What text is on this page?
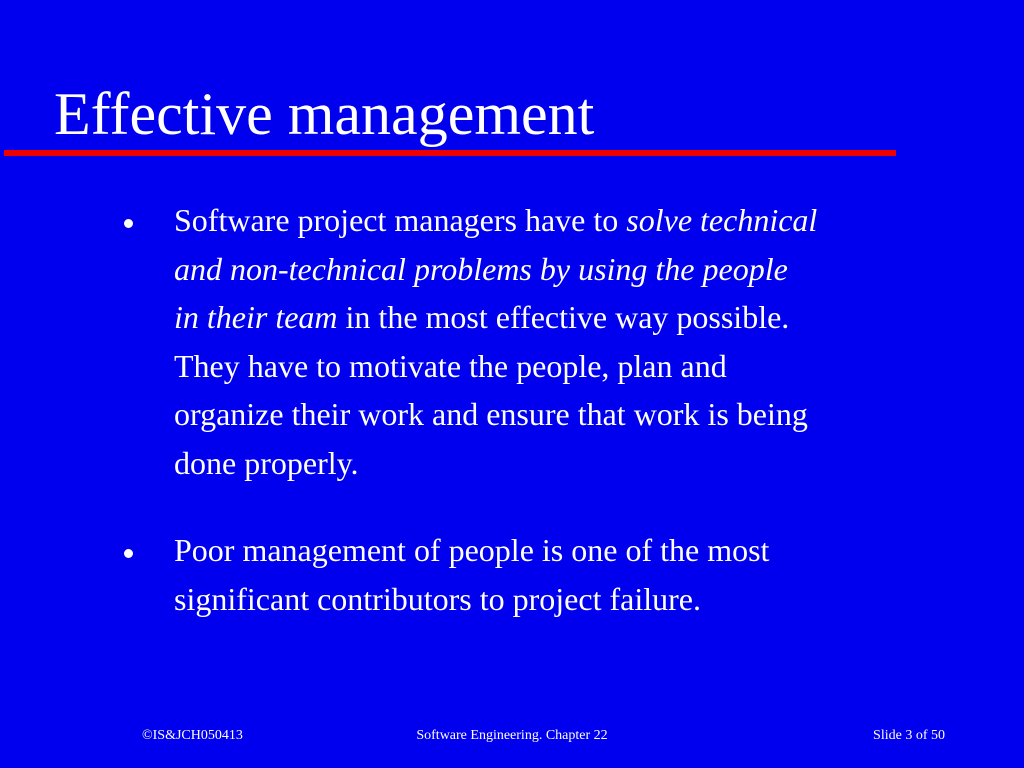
Effective management
Software project managers have to solve technical
and non-technical problems by using the people
in their team in the most effective way possible.
They have to motivate the people, plan and
organize their work and ensure that work is being
done properly.
Poor management of people is one of the most
significant contributors to project failure.
©IS&JCH050413	Software Engineering. Chapter 22	Slide 3 of 50
